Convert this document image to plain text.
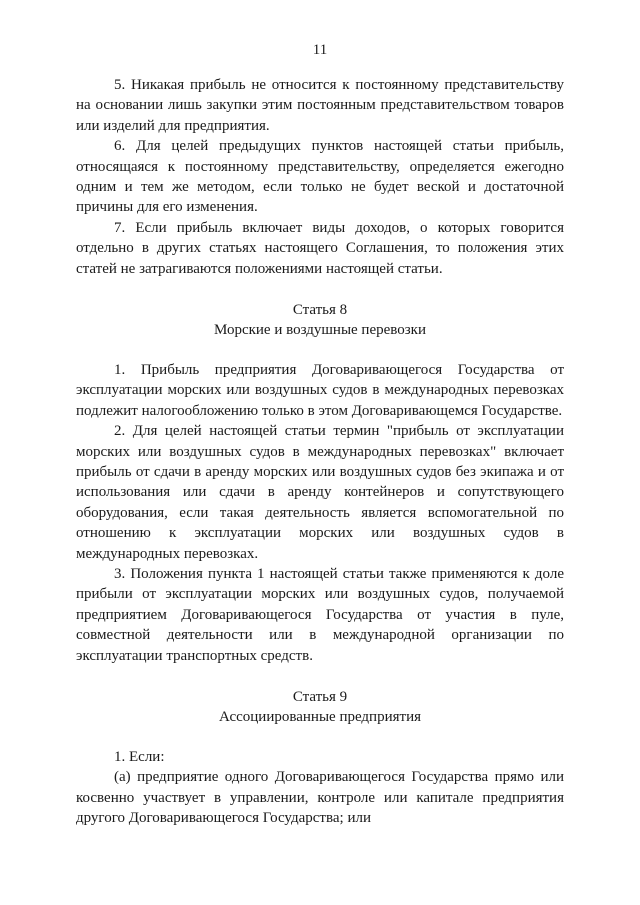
11

5. Никакая прибыль не относится к постоянному представительству на основании лишь закупки этим постоянным представительством товаров или изделий для предприятия.

6. Для целей предыдущих пунктов настоящей статьи прибыль, относящаяся к постоянному представительству, определяется ежегодно одним и тем же методом, если только не будет веской и достаточной причины для его изменения.

7. Если прибыль включает виды доходов, о которых говорится отдельно в других статьях настоящего Соглашения, то положения этих статей не затрагиваются положениями настоящей статьи.

Статья 8
Морские и воздушные перевозки

1. Прибыль предприятия Договаривающегося Государства от эксплуатации морских или воздушных судов в международных перевозках подлежит налогообложению только в этом Договаривающемся Государстве.

2. Для целей настоящей статьи термин "прибыль от эксплуатации морских или воздушных судов в международных перевозках" включает прибыль от сдачи в аренду морских или воздушных судов без экипажа и от использования или сдачи в аренду контейнеров и сопутствующего оборудования, если такая деятельность является вспомогательной по отношению к эксплуатации морских или воздушных судов в международных перевозках.

3. Положения пункта 1 настоящей статьи также применяются к доле прибыли от эксплуатации морских или воздушных судов, получаемой предприятием Договаривающегося Государства от участия в пуле, совместной деятельности или в международной организации по эксплуатации транспортных средств.

Статья 9
Ассоциированные предприятия

1. Если:

(a) предприятие одного Договаривающегося Государства прямо или косвенно участвует в управлении, контроле или капитале предприятия другого Договаривающегося Государства; или
